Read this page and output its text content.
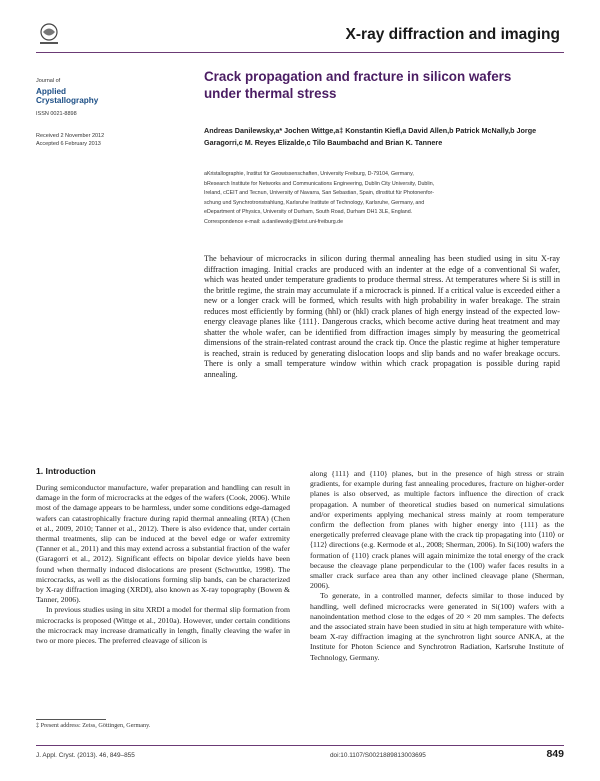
X-ray diffraction and imaging
Journal of
Applied
Crystallography
ISSN 0021-8898
Received 2 November 2012
Accepted 6 February 2013
Crack propagation and fracture in silicon wafers
under thermal stress
Andreas Danilewsky,a* Jochen Wittge,a‡ Konstantin Kiefl,a David Allen,b Patrick McNally,b Jorge Garagorri,c M. Reyes Elizalde,c Tilo Baumbachd and Brian K. Tannere

aKristallographie, Institut für Geowissenschaften, University Freiburg, D-79104, Germany,

bResearch Institute for Networks and Communications Engineering, Dublin City University, Dublin,

Ireland, cCEIT and Tecnun, University of Navarra, San Sebastian, Spain, dInstitut für Photonenfor-

schung und Synchrotronstrahlung, Karlsruhe Institute of Technology, Karlsruhe, Germany, and

eDepartment of Physics, University of Durham, South Road, Durham DH1 3LE, England.

Correspondence e-mail: a.danilewsky@krist.uni-freiburg.de

The behaviour of microcracks in silicon during thermal annealing has been studied using in situ X-ray diffraction imaging. Initial cracks are produced with an indenter at the edge of a conventional Si wafer, which was heated under temperature gradients to produce thermal stress. At temperatures where Si is still in the brittle regime, the strain may accumulate if a microcrack is pinned. If a critical value is exceeded either a new or a longer crack will be formed, which results with high probability in wafer breakage. The strain reduces most efficiently by forming (hhl) or (hkl) crack planes of high energy instead of the expected low-energy cleavage planes like {111}. Dangerous cracks, which become active during heat treatment and may shatter the whole wafer, can be identified from diffraction images simply by measuring the geometrical dimensions of the strain-related contrast around the crack tip. Once the plastic regime at higher temperature is reached, strain is reduced by generating dislocation loops and slip bands and no wafer breakage occurs. There is only a small temperature window within which crack propagation is possible during rapid annealing.
1. Introduction

During semiconductor manufacture, wafer preparation and handling can result in damage in the form of microcracks at the edges of the wafers (Cook, 2006). While most of the damage appears to be harmless, under some conditions edge-damaged wafers can catastrophically fracture during rapid thermal annealing (RTA) (Chen et al., 2009, 2010; Tanner et al., 2012). There is also evidence that, under certain thermal treatments, slip can be induced at the bevel edge or wafer extremity (Tanner et al., 2011) and this may extend across a substantial fraction of the wafer (Garagorri et al., 2012). Significant effects on bipolar device yields have been found when thermally induced dislocations are present (Schwuttke, 1998). The microcracks, as well as the dislocations forming slip bands, can be characterized by X-ray diffraction imaging (XRDI), also known as X-ray topography (Bowen & Tanner, 2006).

In previous studies using in situ XRDI a model for thermal slip formation from microcracks is proposed (Wittge et al., 2010a). However, under certain conditions the microcrack may increase dramatically in length, finally cleaving the wafer in two or more pieces. The preferred cleavage of silicon is

along {111} and {110} planes, but in the presence of high stress or strain gradients, for example during fast annealing procedures, fracture on higher-order planes is also observed, as multiple factors influence the direction of crack propagation. A number of theoretical studies based on numerical simulations and/or experiments applying mechanical stress mainly at room temperature confirm the deflection from planes with higher energy into {111} as the energetically preferred cleavage plane with the crack tip propagating into ⟨110⟩ or ⟨112⟩ directions (e.g. Kermode et al., 2008; Sherman, 2006). In Si(100) wafers the formation of {110} crack planes will again minimize the total energy of the crack because the cleavage plane perpendicular to the (100) wafer faces results in a smaller crack surface area than any other inclined cleavage plane (Sherman, 2006).

To generate, in a controlled manner, defects similar to those induced by handling, well defined microcracks were generated in Si(100) wafers with a nanoindentation method close to the edges of 20 × 20 mm samples. The defects and the associated strain have been studied in situ at high temperature with white-beam X-ray diffraction imaging at the synchrotron light source ANKA, at the Institute for Photon Science and Synchrotron Radiation, Karlsruhe Institute of Technology, Germany.

‡ Present address: Zeiss, Göttingen, Germany.
J. Appl. Cryst. (2013). 46, 849–855	doi:10.1107/S0021889813003695	849
